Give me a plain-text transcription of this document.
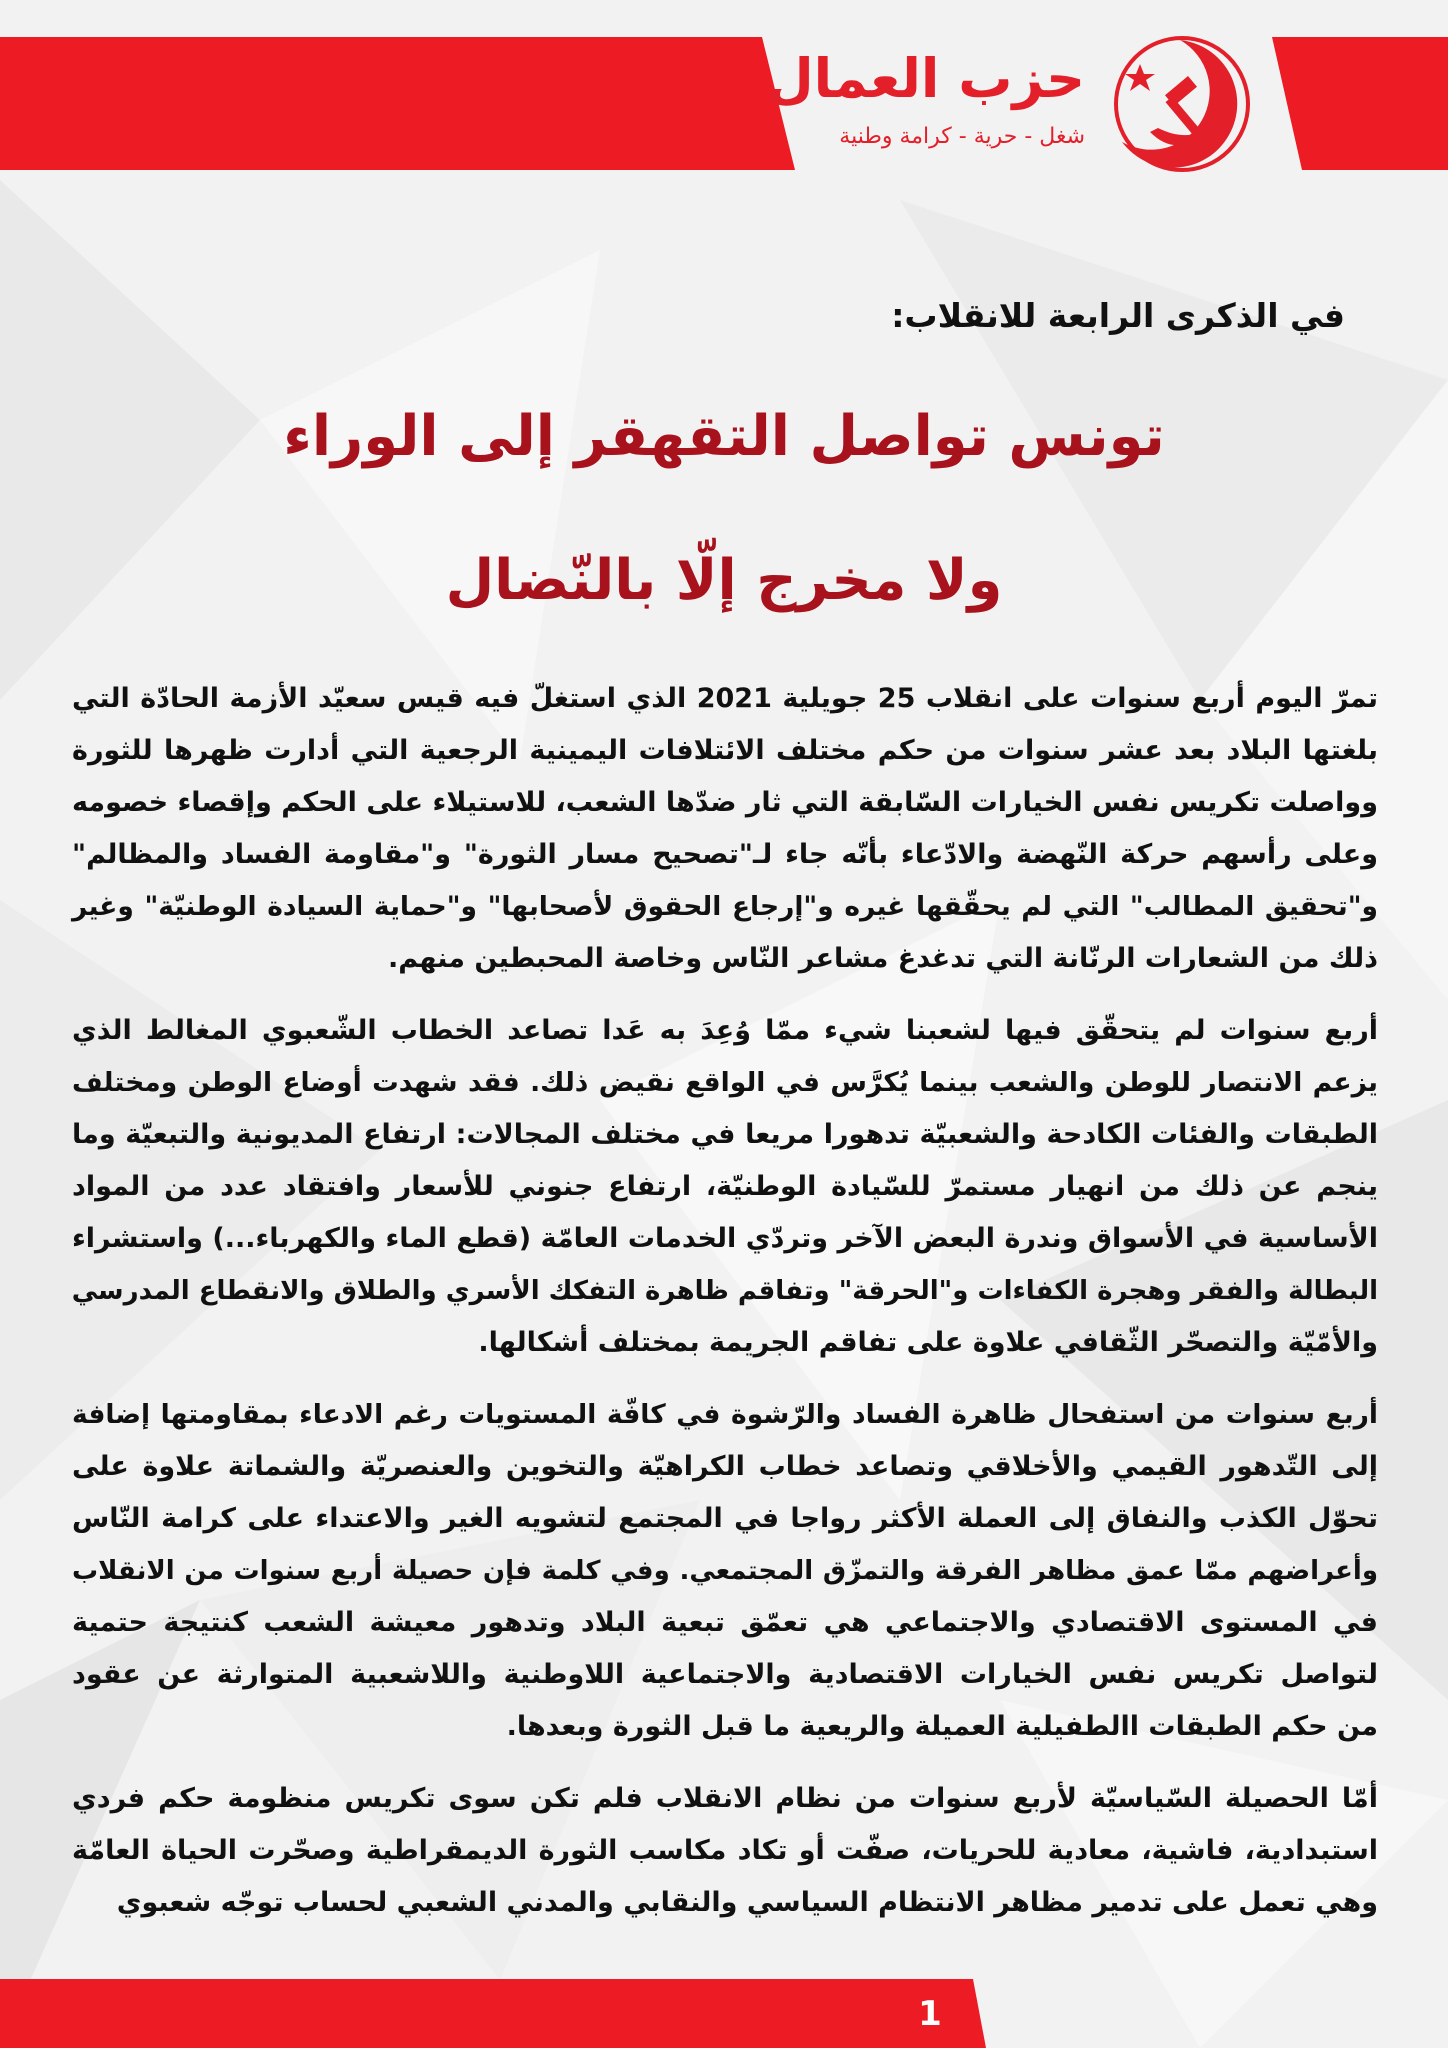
حزب العمال
شغل - حرية - كرامة وطنية
في الذكرى الرابعة للانقلاب:
تونس تواصل التقهقر إلى الوراء
ولا مخرج إلّا بالنّضال
تمرّ اليوم أربع سنوات على انقلاب 25 جويلية 2021 الذي استغلّ فيه قيس سعيّد الأزمة الحادّة التي
بلغتها البلاد بعد عشر سنوات من حكم مختلف الائتلافات اليمينية الرجعية التي أدارت ظهرها للثورة
وواصلت تكريس نفس الخيارات السّابقة التي ثار ضدّها الشعب، للاستيلاء على الحكم وإقصاء خصومه
وعلى رأسهم حركة النّهضة والادّعاء بأنّه جاء لـ"تصحيح مسار الثورة" و"مقاومة الفساد والمظالم"
و"تحقيق المطالب" التي لم يحقّقها غيره و"إرجاع الحقوق لأصحابها" و"حماية السيادة الوطنيّة" وغير
ذلك من الشعارات الرنّانة التي تدغدغ مشاعر النّاس وخاصة المحبطين منهم.
أربع سنوات لم يتحقّق فيها لشعبنا شيء ممّا وُعِدَ به عَدا تصاعد الخطاب الشّعبوي المغالط الذي
يزعم الانتصار للوطن والشعب بينما يُكرَّس في الواقع نقيض ذلك. فقد شهدت أوضاع الوطن ومختلف
الطبقات والفئات الكادحة والشعبيّة تدهورا مريعا في مختلف المجالات: ارتفاع المديونية والتبعيّة وما
ينجم عن ذلك من انهيار مستمرّ للسّيادة الوطنيّة، ارتفاع جنوني للأسعار وافتقاد عدد من المواد
الأساسية في الأسواق وندرة البعض الآخر وتردّي الخدمات العامّة (قطع الماء والكهرباء...) واستشراء
البطالة والفقر وهجرة الكفاءات و"الحرقة" وتفاقم ظاهرة التفكك الأسري والطلاق والانقطاع المدرسي
والأمّيّة والتصحّر الثّقافي علاوة على تفاقم الجريمة بمختلف أشكالها.
أربع سنوات من استفحال ظاهرة الفساد والرّشوة في كافّة المستويات رغم الادعاء بمقاومتها إضافة
إلى التّدهور القيمي والأخلاقي وتصاعد خطاب الكراهيّة والتخوين والعنصريّة والشماتة علاوة على
تحوّل الكذب والنفاق إلى العملة الأكثر رواجا في المجتمع لتشويه الغير والاعتداء على كرامة النّاس
وأعراضهم ممّا عمق مظاهر الفرقة والتمزّق المجتمعي. وفي كلمة فإن حصيلة أربع سنوات من الانقلاب
في المستوى الاقتصادي والاجتماعي هي تعمّق تبعية البلاد وتدهور معيشة الشعب كنتيجة حتمية
لتواصل تكريس نفس الخيارات الاقتصادية والاجتماعية اللاوطنية واللاشعبية المتوارثة عن عقود
من حكم الطبقات االطفيلية العميلة والريعية ما قبل الثورة وبعدها.
أمّا الحصيلة السّياسيّة لأربع سنوات من نظام الانقلاب فلم تكن سوى تكريس منظومة حكم فردي
استبدادية، فاشية، معادية للحريات، صفّت أو تكاد مكاسب الثورة الديمقراطية وصحّرت الحياة العامّة
وهي تعمل على تدمير مظاهر الانتظام السياسي والنقابي والمدني الشعبي لحساب توجّه شعبوي
1
